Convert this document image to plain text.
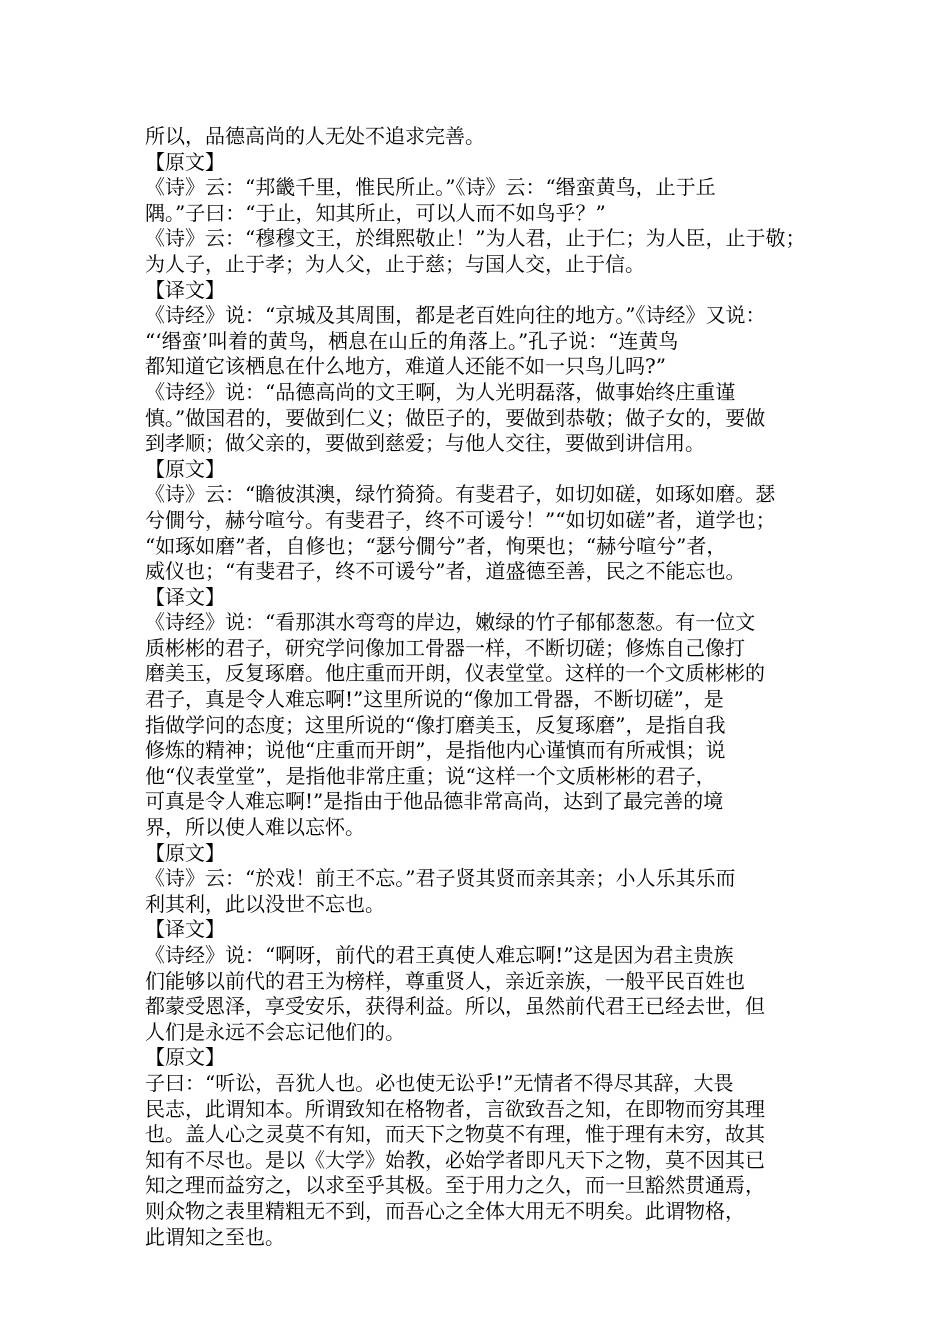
所以，品德高尚的人无处不追求完善。
【原文】
《诗》云：“邦畿千里，惟民所止。”《诗》云：“缗蛮黄鸟，止于丘
隅。”子曰：“于止，知其所止，可以人而不如鸟乎？”
《诗》云：“穆穆文王，於缉熙敬止！”为人君，止于仁；为人臣，止于敬；
为人子，止于孝；为人父，止于慈；与国人交，止于信。
【译文】
《诗经》说：“京城及其周围，都是老百姓向往的地方。”《诗经》又说：
“‘缗蛮’叫着的黄鸟，栖息在山丘的角落上。”孔子说：“连黄鸟
都知道它该栖息在什么地方，难道人还能不如一只鸟儿吗?”
《诗经》说：“品德高尚的文王啊，为人光明磊落，做事始终庄重谨
慎。”做国君的，要做到仁义；做臣子的，要做到恭敬；做子女的，要做
到孝顺；做父亲的，要做到慈爱；与他人交往，要做到讲信用。
【原文】
《诗》云：“瞻彼淇澳，绿竹猗猗。有斐君子，如切如磋，如琢如磨。瑟
兮僩兮，赫兮喧兮。有斐君子，终不可谖兮！”“如切如磋”者，道学也；
“如琢如磨”者，自修也；“瑟兮僩兮”者，恂栗也；“赫兮喧兮”者，
威仪也；“有斐君子，终不可谖兮”者，道盛德至善，民之不能忘也。
【译文】
《诗经》说：“看那淇水弯弯的岸边，嫩绿的竹子郁郁葱葱。有一位文
质彬彬的君子，研究学问像加工骨器一样，不断切磋；修炼自己像打
磨美玉，反复琢磨。他庄重而开朗，仪表堂堂。这样的一个文质彬彬的
君子，真是令人难忘啊!”这里所说的“像加工骨器，不断切磋”，是
指做学问的态度；这里所说的“像打磨美玉，反复琢磨”，是指自我
修炼的精神；说他“庄重而开朗”，是指他内心谨慎而有所戒惧；说
他“仪表堂堂”，是指他非常庄重；说“这样一个文质彬彬的君子，
可真是令人难忘啊!”是指由于他品德非常高尚，达到了最完善的境
界，所以使人难以忘怀。
【原文】
《诗》云：“於戏！前王不忘。”君子贤其贤而亲其亲；小人乐其乐而
利其利，此以没世不忘也。
【译文】
《诗经》说：“啊呀，前代的君王真使人难忘啊!”这是因为君主贵族
们能够以前代的君王为榜样，尊重贤人，亲近亲族，一般平民百姓也
都蒙受恩泽，享受安乐，获得利益。所以，虽然前代君王已经去世，但
人们是永远不会忘记他们的。
【原文】
子曰：“听讼，吾犹人也。必也使无讼乎!”无情者不得尽其辞，大畏
民志，此谓知本。所谓致知在格物者，言欲致吾之知，在即物而穷其理
也。盖人心之灵莫不有知，而天下之物莫不有理，惟于理有未穷，故其
知有不尽也。是以《大学》始教，必始学者即凡天下之物，莫不因其已
知之理而益穷之，以求至乎其极。至于用力之久，而一旦豁然贯通焉，
则众物之表里精粗无不到，而吾心之全体大用无不明矣。此谓物格，
此谓知之至也。
